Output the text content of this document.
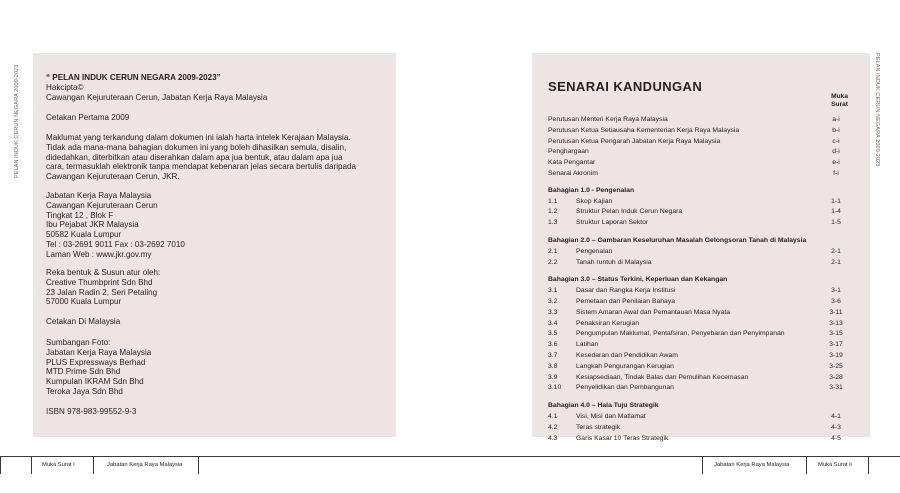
PELAN INDUK CERUN NEGARA 2009-2023	PELAN INDUK CERUN NEGARA 2009-2023
“ PELAN INDUK CERUN NEGARA 2009-2023”
Hakcipta©
Cawangan Kejuruteraan Cerun, Jabatan Kerja Raya Malaysia
Cetakan Pertama 2009
Maklumat yang terkandung dalam dokumen ini ialah harta intelek Kerajaan Malaysia.
Tidak ada mana-mana bahagian dokumen ini yang boleh dihasilkan semula, disalin,
didedahkan, diterbitkan atau diserahkan dalam apa jua bentuk, atau dalam apa jua
cara, termasuklah elektronik tanpa mendapat kebenaran jelas secara bertulis daripada
Cawangan Kejuruteraan Cerun, JKR.
Jabatan Kerja Raya Malaysia
Cawangan Kejuruteraan Cerun
Tingkat 12 , Blok F
Ibu Pejabat JKR Malaysia
50582 Kuala Lumpur
Tel : 03-2691 9011 Fax : 03-2692 7010
Laman Web : www.jkr.gov.my
Reka bentuk & Susun atur oleh:
Creative Thumbprint Sdn Bhd
23 Jalan Radin 2, Seri Petaling
57000 Kuala Lumpur
Cetakan Di Malaysia
Sumbangan Foto:
Jabatan Kerja Raya Malaysia
PLUS Expressways Berhad
MTD Prime Sdn Bhd
Kumpulan IKRAM Sdn Bhd
Teroka Jaya Sdn Bhd
ISBN 978-983-99552-9-3
SENARAI KANDUNGAN
Muka
Surat
Perutusan Menteri Kerja Raya Malaysia	a-i
Perutusan Ketua Setiausaha Kementerian Kerja Raya Malaysia	b-i
Perutusan Ketua Pengarah Jabatan Kerja Raya Malaysia	c-i
Penghargaan	d-i
Kata Pengantar	e-i
Senarai Akronim	f-i
Bahagian 1.0 - Pengenalan
1.1	Skop Kajian	1-1
1.2	Struktur Pelan Induk Cerun Negara	1-4
1.3	Struktur Laporan Sektor	1-5
Bahagian 2.0 – Gambaran Keseluruhan Masalah Gelongsoran Tanah di Malaysia
2.1	Pengenalan	2-1
2.2	Tanah runtuh di Malaysia	2-1
Bahagian 3.0 – Status Terkini, Keperluan dan Kekangan
3.1	Dasar dan Rangka Kerja Institusi	3-1
3.2	Pemetaan dan Penilaian Bahaya	3-6
3.3	Sistem Amaran Awal dan Pemantauan Masa Nyata	3-11
3.4	Penaksiran Kerugian	3-13
3.5	Pengumpulan Maklumat, Pentafsiran, Penyebaran dan Penyimpanan	3-15
3.6	Latihan	3-17
3.7	Kesedaran dan Pendidikan Awam	3-19
3.8	Langkah Pengurangan Kerugian	3-25
3.9	Kesiapsediaan, Tindak Balas dan Pemulihan Kecemasan	3-28
3.10 Penyelidikan dan Pembangunan	3-31
Bahagian 4.0 – Hala Tuju Strategik
4.1	Visi, Misi dan Matlamat	4-1
4.2	Teras strategik	4-3
4.3	Garis Kasar 10 Teras Strategik	4-5
Muka Surat i	Jabatan Kerja Raya Malaysia	Jabatan Kerja Raya Malaysia	Muka Surat ii
